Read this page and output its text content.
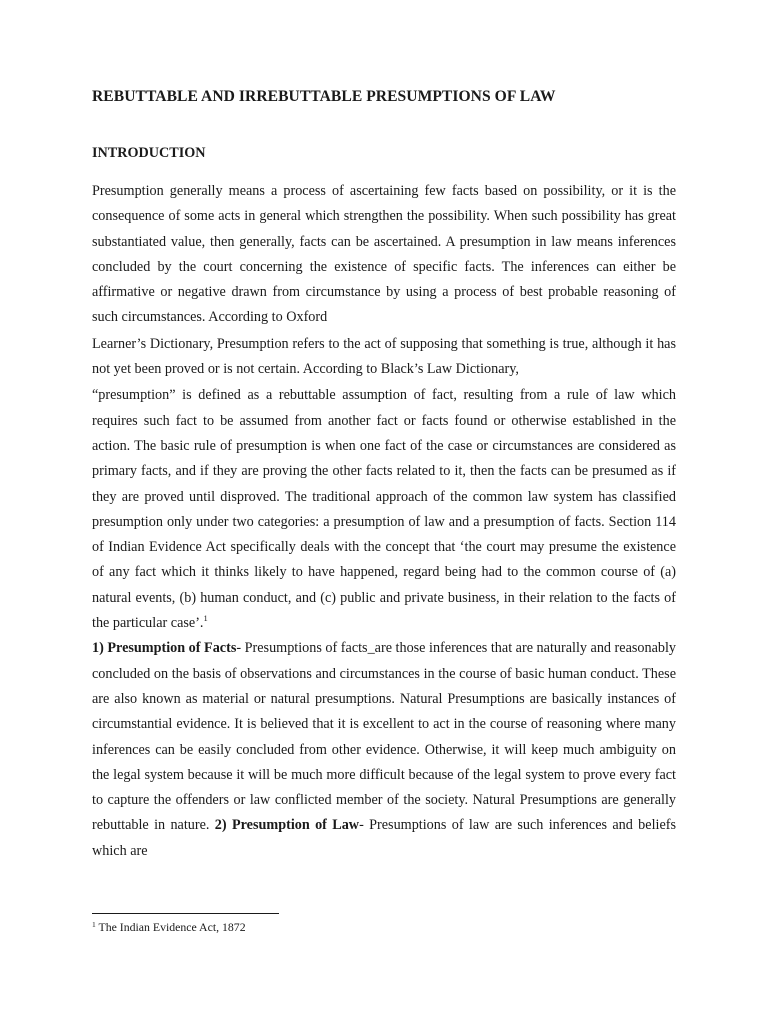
REBUTTABLE AND IRREBUTTABLE PRESUMPTIONS OF LAW
INTRODUCTION

Presumption generally means a process of ascertaining few facts based on possibility, or it is the consequence of some acts in general which strengthen the possibility. When such possibility has great substantiated value, then generally, facts can be ascertained. A presumption in law means inferences concluded by the court concerning the existence of specific facts. The inferences can either be affirmative or negative drawn from circumstance by using a process of best probable reasoning of such circumstances. According to Oxford

Learner’s Dictionary, Presumption refers to the act of supposing that something is true, although it has not yet been proved or is not certain. According to Black’s Law Dictionary,

“presumption” is defined as a rebuttable assumption of fact, resulting from a rule of law which requires such fact to be assumed from another fact or facts found or otherwise established in the action. The basic rule of presumption is when one fact of the case or circumstances are considered as primary facts, and if they are proving the other facts related to it, then the facts can be presumed as if they are proved until disproved. The traditional approach of the common law system has classified presumption only under two categories: a presumption of law and a presumption of facts. Section 114 of Indian Evidence Act specifically deals with the concept that ‘the court may presume the existence of any fact which it thinks likely to have happened, regard being had to the common course of (a) natural events, (b) human conduct, and (c) public and private business, in their relation to the facts of the particular case’.$^1$

1) Presumption of Facts- Presumptions of facts_are those inferences that are naturally and reasonably concluded on the basis of observations and circumstances in the course of basic human conduct. These are also known as material or natural presumptions. Natural Presumptions are basically instances of circumstantial evidence. It is believed that it is excellent to act in the course of reasoning where many inferences can be easily concluded from other evidence. Otherwise, it will keep much ambiguity on the legal system because it will be much more difficult because of the legal system to prove every fact to capture the offenders or law conflicted member of the society. Natural Presumptions are generally rebuttable in nature. 2) Presumption of Law- Presumptions of law are such inferences and beliefs which are

$^1$ The Indian Evidence Act, 1872
